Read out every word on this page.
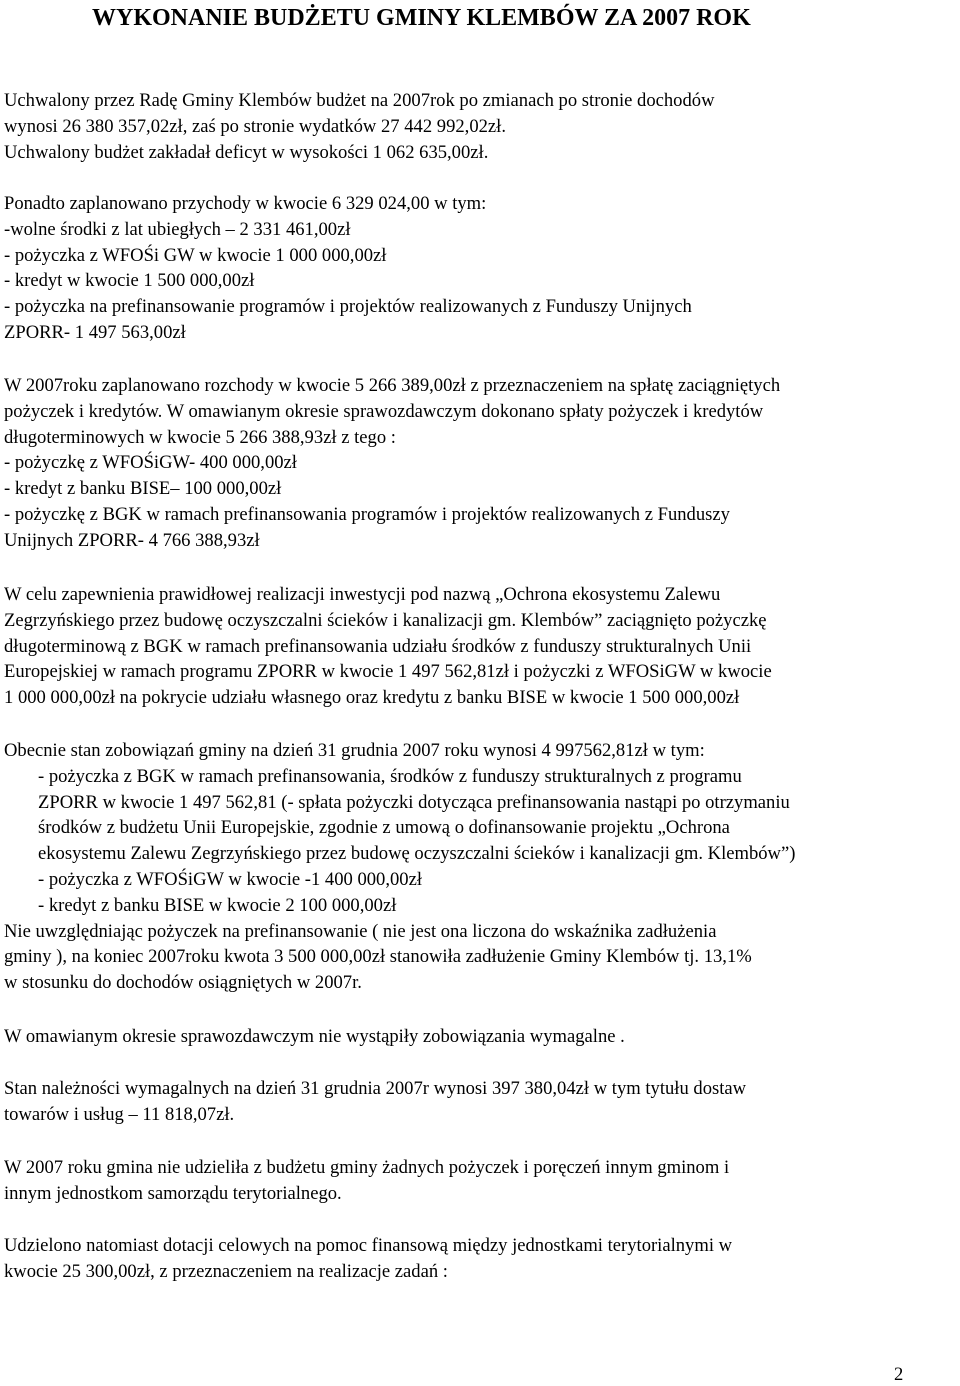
WYKONANIE BUDŻETU GMINY KLEMBÓW ZA 2007 ROK
Uchwalony przez Radę Gminy Klembów budżet na 2007rok po zmianach po stronie dochodów
wynosi 26 380 357,02zł, zaś po stronie wydatków 27 442 992,02zł.
Uchwalony budżet zakładał deficyt w wysokości 1 062 635,00zł.
Ponadto zaplanowano przychody w kwocie 6 329 024,00 w tym:
-wolne środki z lat ubiegłych – 2 331 461,00zł
- pożyczka z WFOŚi GW w kwocie 1 000 000,00zł
- kredyt w kwocie 1 500 000,00zł
- pożyczka na prefinansowanie programów i projektów realizowanych z Funduszy Unijnych
ZPORR- 1 497 563,00zł
W 2007roku zaplanowano rozchody w kwocie 5 266 389,00zł z przeznaczeniem na spłatę zaciągniętych
pożyczek i kredytów. W omawianym okresie sprawozdawczym dokonano spłaty pożyczek i kredytów
długoterminowych w kwocie 5 266 388,93zł z tego :
- pożyczkę z WFOŚiGW- 400 000,00zł
- kredyt z banku BISE– 100 000,00zł
- pożyczkę z BGK w ramach prefinansowania programów i projektów realizowanych z Funduszy
Unijnych ZPORR- 4 766 388,93zł
W celu zapewnienia prawidłowej realizacji inwestycji pod nazwą „Ochrona ekosystemu Zalewu
Zegrzyńskiego przez budowę oczyszczalni ścieków i kanalizacji gm. Klembów” zaciągnięto pożyczkę
długoterminową z BGK w ramach prefinansowania udziału środków z funduszy strukturalnych Unii
Europejskiej w ramach programu ZPORR w kwocie 1 497 562,81zł i pożyczki z WFOSiGW w kwocie
1 000 000,00zł na pokrycie udziału własnego oraz kredytu z banku BISE w kwocie 1 500 000,00zł
Obecnie stan zobowiązań gminy na dzień 31 grudnia 2007 roku wynosi 4 997562,81zł w tym:
- pożyczka z BGK w ramach prefinansowania, środków z funduszy strukturalnych z programu
ZPORR w kwocie 1 497 562,81 (- spłata pożyczki dotycząca prefinansowania nastąpi po otrzymaniu
środków z budżetu Unii Europejskie, zgodnie z umową o dofinansowanie projektu „Ochrona
ekosystemu Zalewu Zegrzyńskiego przez budowę oczyszczalni ścieków i kanalizacji gm. Klembów”)
- pożyczka z WFOŚiGW w kwocie -1 400 000,00zł
- kredyt z banku BISE w kwocie 2 100 000,00zł
Nie uwzględniając pożyczek na prefinansowanie ( nie jest ona liczona do wskaźnika zadłużenia
gminy ), na koniec 2007roku kwota 3 500 000,00zł stanowiła zadłużenie Gminy Klembów tj. 13,1%
w stosunku do dochodów osiągniętych w 2007r.
W omawianym okresie sprawozdawczym nie wystąpiły zobowiązania wymagalne .
Stan należności wymagalnych na dzień 31 grudnia 2007r wynosi 397 380,04zł w tym tytułu dostaw
towarów i usług – 11 818,07zł.
W 2007 roku gmina nie udzieliła z budżetu gminy żadnych pożyczek i poręczeń innym gminom i
innym jednostkom samorządu terytorialnego.
Udzielono natomiast dotacji celowych na pomoc finansową między jednostkami terytorialnymi w
kwocie 25 300,00zł, z przeznaczeniem na realizacje zadań :
2
